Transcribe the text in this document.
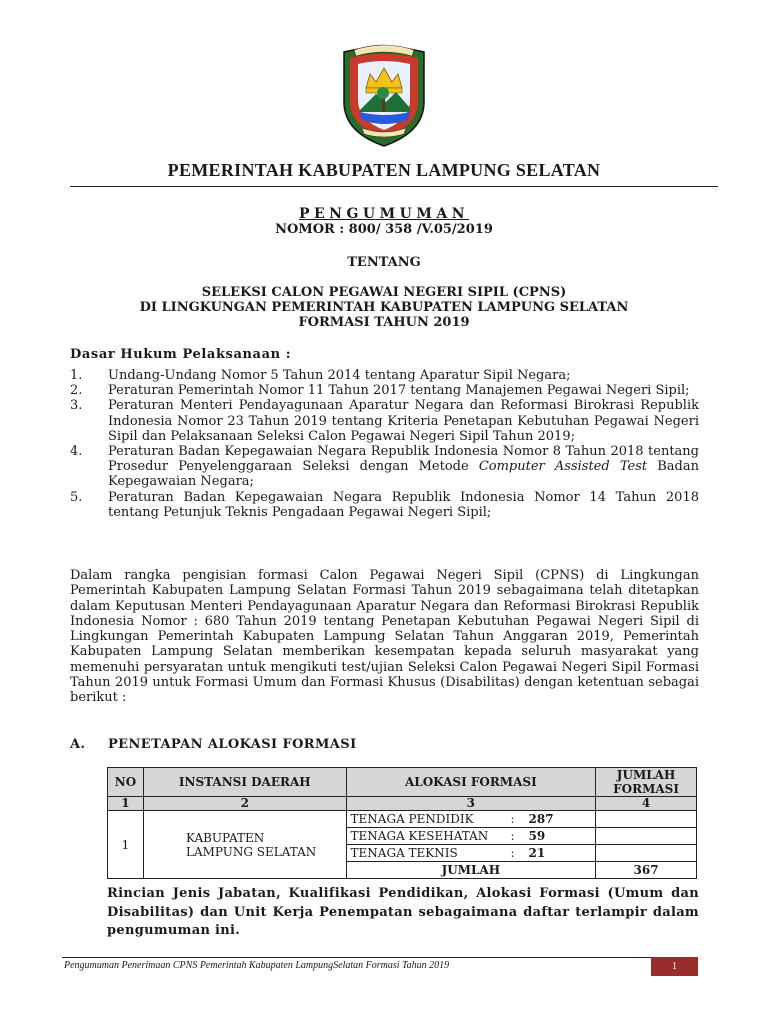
PEMERINTAH KABUPATEN LAMPUNG SELATAN
PENGUMUMAN
NOMOR : 800/ 358 /V.05/2019
TENTANG
SELEKSI CALON PEGAWAI NEGERI SIPIL (CPNS)
DI LINGKUNGAN PEMERINTAH KABUPATEN LAMPUNG SELATAN
FORMASI TAHUN 2019
Dasar Hukum Pelaksanaan :
1.	Undang-Undang Nomor 5 Tahun 2014 tentang Aparatur Sipil Negara;
2.	Peraturan Pemerintah Nomor 11 Tahun 2017 tentang Manajemen Pegawai Negeri Sipil;
3.	Peraturan Menteri Pendayagunaan Aparatur Negara dan Reformasi Birokrasi Republik Indonesia Nomor 23 Tahun 2019 tentang Kriteria Penetapan Kebutuhan Pegawai Negeri Sipil dan Pelaksanaan Seleksi Calon Pegawai Negeri Sipil Tahun 2019;
4.	Peraturan Badan Kepegawaian Negara Republik Indonesia Nomor 8 Tahun 2018 tentang Prosedur Penyelenggaraan Seleksi dengan Metode Computer Assisted Test Badan Kepegawaian Negara;
5.	Peraturan Badan Kepegawaian Negara Republik Indonesia Nomor 14 Tahun 2018 tentang Petunjuk Teknis Pengadaan Pegawai Negeri Sipil;
Dalam rangka pengisian formasi Calon Pegawai Negeri Sipil (CPNS) di Lingkungan Pemerintah Kabupaten Lampung Selatan Formasi Tahun 2019 sebagaimana telah ditetapkan dalam Keputusan Menteri Pendayagunaan Aparatur Negara dan Reformasi Birokrasi Republik Indonesia Nomor : 680 Tahun 2019 tentang Penetapan Kebutuhan Pegawai Negeri Sipil di Lingkungan Pemerintah Kabupaten Lampung Selatan Tahun Anggaran 2019, Pemerintah Kabupaten Lampung Selatan memberikan kesempatan kepada seluruh masyarakat yang memenuhi persyaratan untuk mengikuti test/ujian Seleksi Calon Pegawai Negeri Sipil Formasi Tahun 2019 untuk Formasi Umum dan Formasi Khusus (Disabilitas) dengan ketentuan sebagai berikut :
A.	PENETAPAN ALOKASI FORMASI
NO	INSTANSI DAERAH	ALOKASI FORMASI	JUMLAH FORMASI
1	2	3	4
1	KABUPATEN
LAMPUNG SELATAN	TENAGA PENDIDIK : 287	
		TENAGA KESEHATAN : 59	
		TENAGA TEKNIS : 21	
		JUMLAH	367
Rincian Jenis Jabatan, Kualifikasi Pendidikan, Alokasi Formasi (Umum dan Disabilitas) dan Unit Kerja Penempatan sebagaimana daftar terlampir dalam pengumuman ini.
Pengumuman Penerimaan CPNS Pemerintah Kabupaten LampungSelatan Formasi Tahun 2019	1
